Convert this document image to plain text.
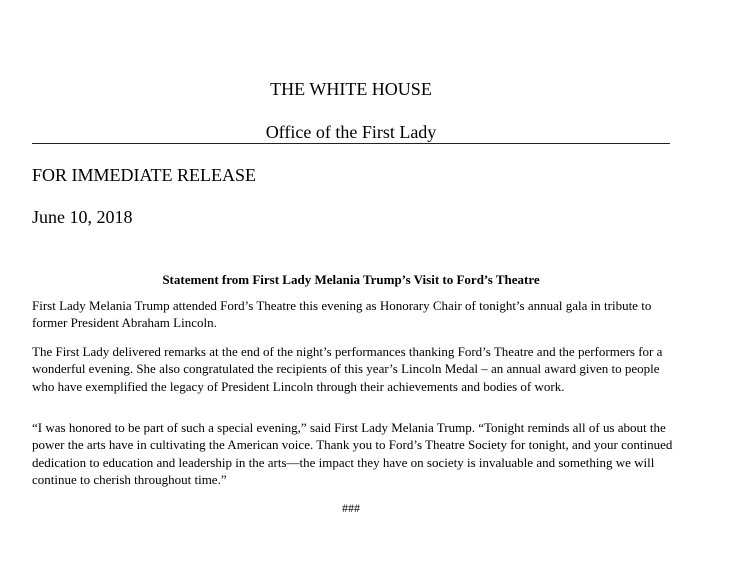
THE WHITE HOUSE
Office of the First Lady
FOR IMMEDIATE RELEASE
June 10, 2018
Statement from First Lady Melania Trump’s Visit to Ford’s Theatre

First Lady Melania Trump attended Ford’s Theatre this evening as Honorary Chair of tonight’s annual gala in tribute to former President Abraham Lincoln.

The First Lady delivered remarks at the end of the night’s performances thanking Ford’s Theatre and the performers for a wonderful evening. She also congratulated the recipients of this year’s Lincoln Medal – an annual award given to people who have exemplified the legacy of President Lincoln through their achievements and bodies of work.

“I was honored to be part of such a special evening,” said First Lady Melania Trump. “Tonight reminds all of us about the power the arts have in cultivating the American voice. Thank you to Ford’s Theatre Society for tonight, and your continued dedication to education and leadership in the arts—the impact they have on society is invaluable and something we will continue to cherish throughout time.”

###
